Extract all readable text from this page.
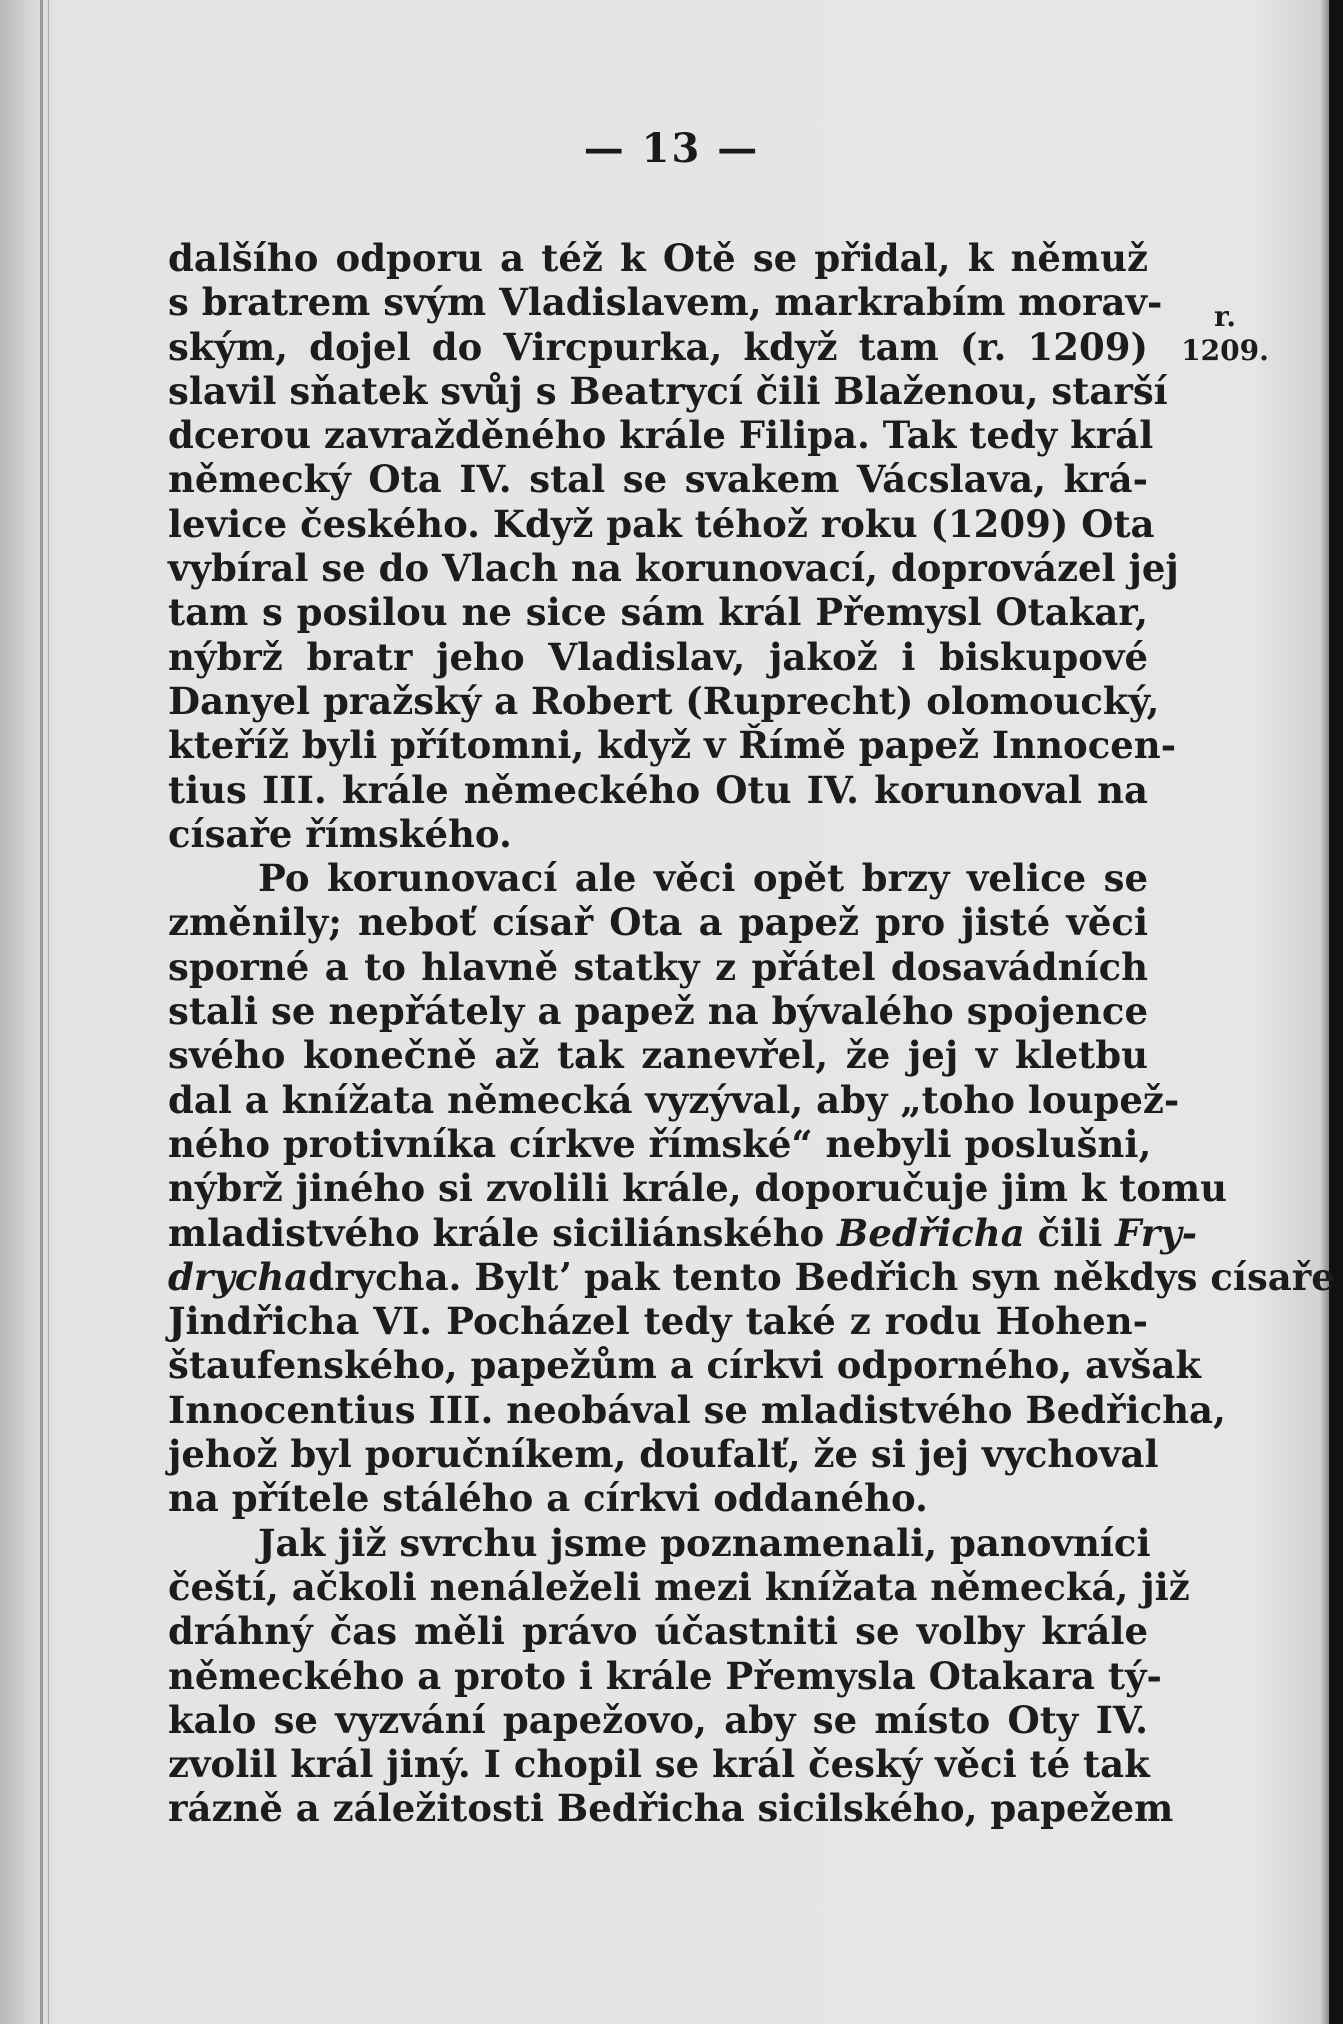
— 13 —
r.
1209.
dalšího odporu a též k Otě se přidal, k němuž
s bratrem svým Vladislavem, markrabím morav-
ským, dojel do Vircpurka, když tam (r. 1209)
slavil sňatek svůj s Beatrycí čili Blaženou, starší
dcerou zavražděného krále Filipa. Tak tedy král
německý Ota IV. stal se svakem Vácslava, krá-
levice českého. Když pak téhož roku (1209) Ota
vybíral se do Vlach na korunovací, doprovázel jej
tam s posilou ne sice sám král Přemysl Otakar,
nýbrž bratr jeho Vladislav, jakož i biskupové
Danyel pražský a Robert (Ruprecht) olomoucký,
kteříž byli přítomni, když v Římě papež Innocen-
tius III. krále německého Otu IV. korunoval na
císaře římského.
Po korunovací ale věci opět brzy velice se
změnily; neboť císař Ota a papež pro jisté věci
sporné a to hlavně statky z přátel dosavádních
stali se nepřátely a papež na bývalého spojence
svého konečně až tak zanevřel, že jej v kletbu
dal a knížata německá vyzýval, aby „toho loupež-
ného protivníka církve římské“ nebyli poslušni,
nýbrž jiného si zvolili krále, doporučuje jim k tomu
mladistvého krále siciliánského Bedřicha čili Fry-
drychadrycha. Byltʼ pak tento Bedřich syn někdys císaře
Jindřicha VI. Pocházel tedy také z rodu Hohen-
štaufenského, papežům a církvi odporného, avšak
Innocentius III. neobával se mladistvého Bedřicha,
jehož byl poručníkem, doufalť, že si jej vychoval
na přítele stálého a církvi oddaného.
Jak již svrchu jsme poznamenali, panovníci
čeští, ačkoli nenáleželi mezi knížata německá, již
dráhný čas měli právo účastniti se volby krále
německého a proto i krále Přemysla Otakara tý-
kalo se vyzvání papežovo, aby se místo Oty IV.
zvolil král jiný. I chopil se král český věci té tak
rázně a záležitosti Bedřicha sicilského, papežem
